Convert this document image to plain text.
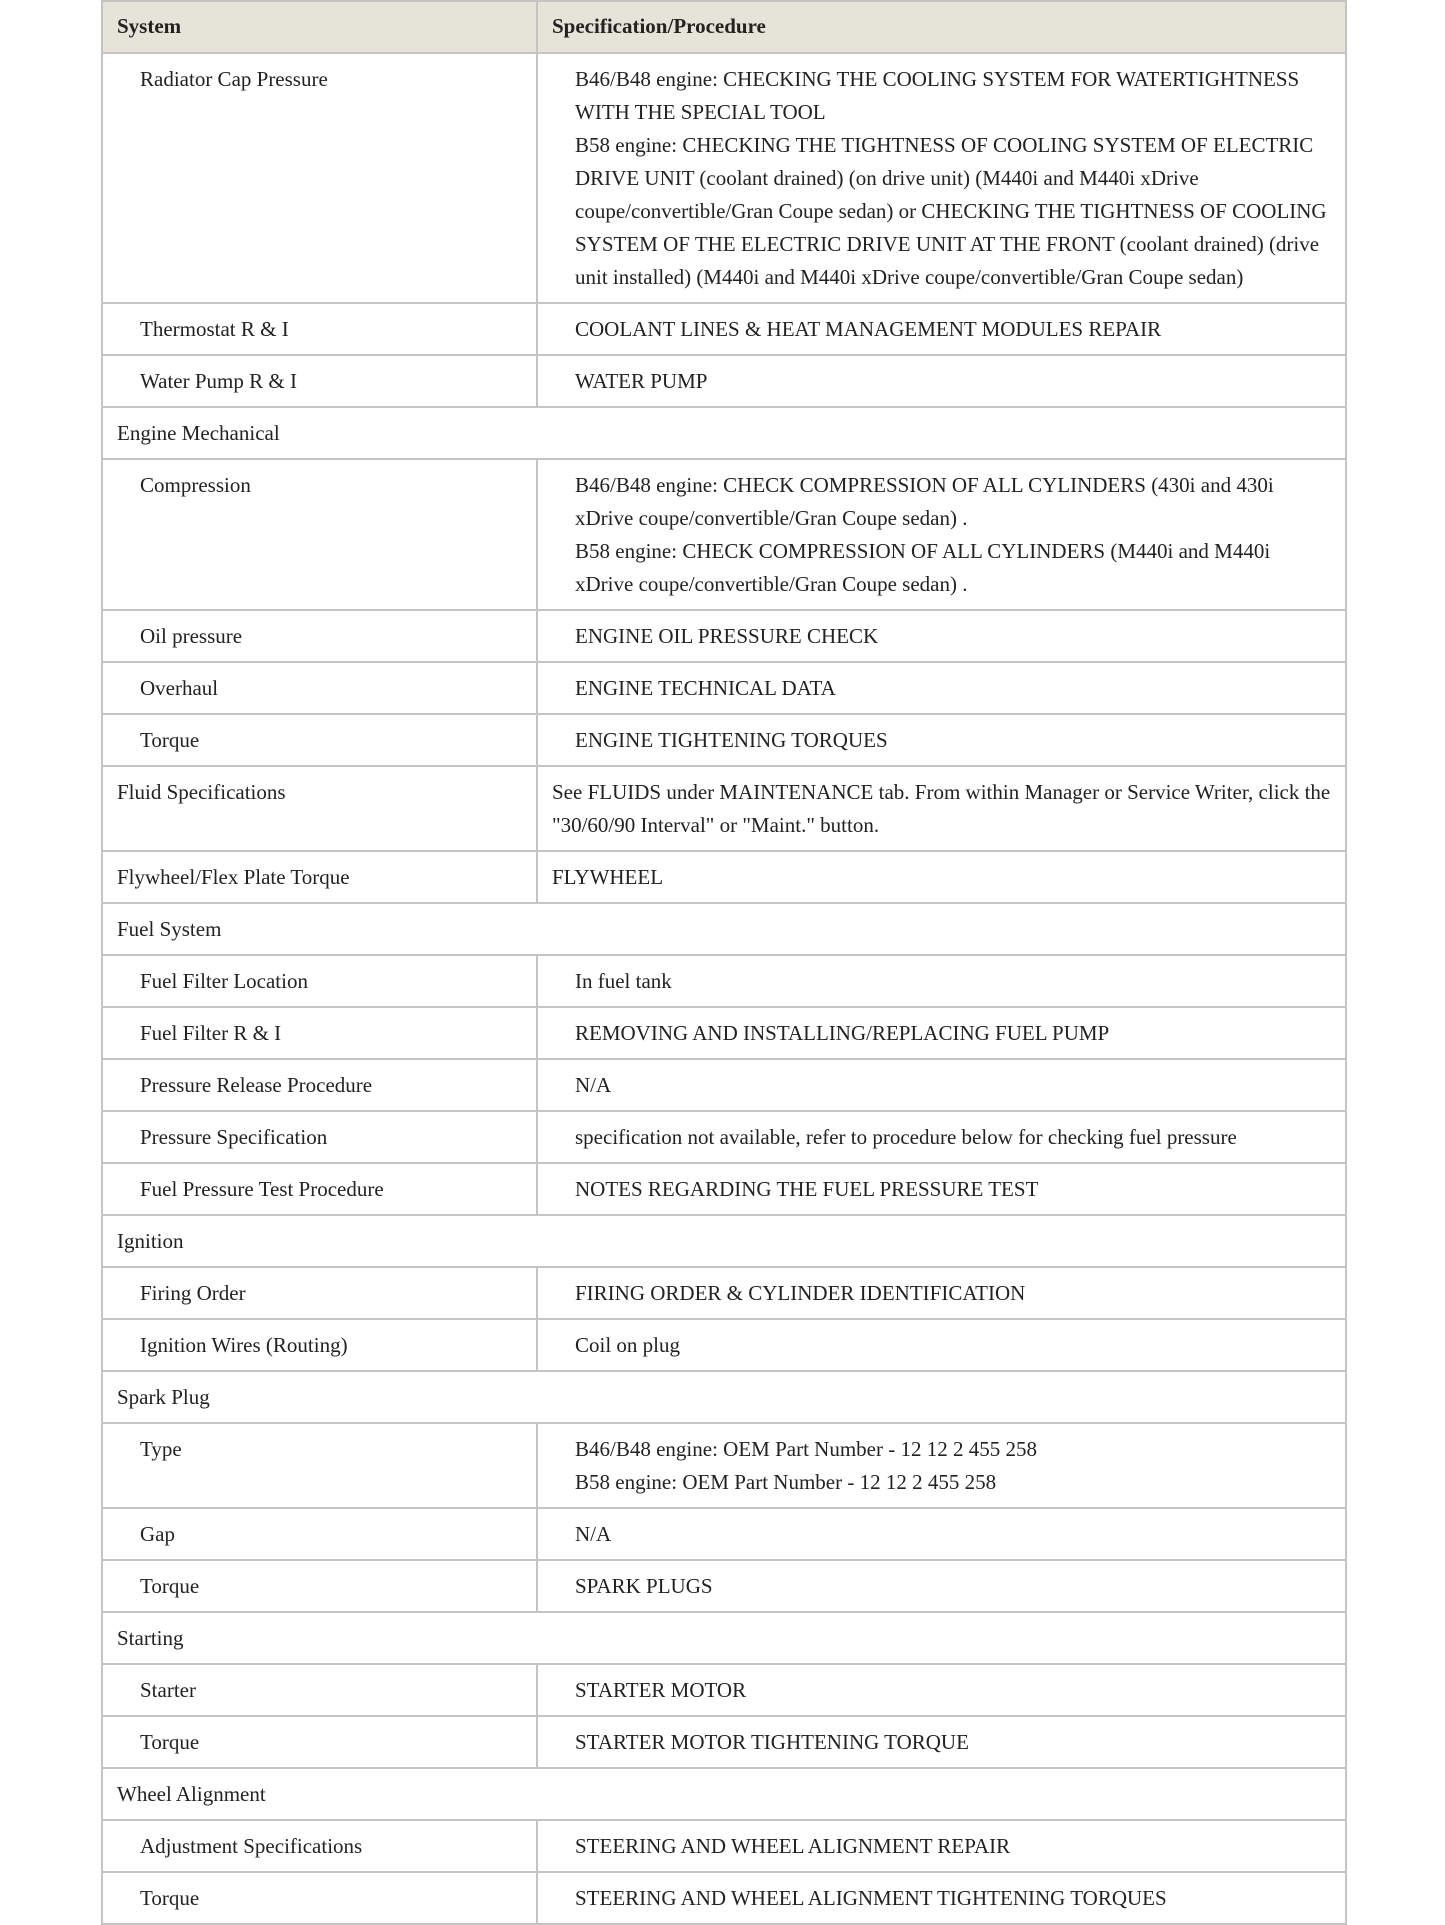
System	Specification/Procedure
Radiator Cap Pressure	B46/B48 engine: CHECKING THE COOLING SYSTEM FOR WATERTIGHTNESS WITH THE SPECIAL TOOL
B58 engine: CHECKING THE TIGHTNESS OF COOLING SYSTEM OF ELECTRIC DRIVE UNIT (coolant drained) (on drive unit) (M440i and M440i xDrive coupe/convertible/Gran Coupe sedan) or CHECKING THE TIGHTNESS OF COOLING SYSTEM OF THE ELECTRIC DRIVE UNIT AT THE FRONT (coolant drained) (drive unit installed) (M440i and M440i xDrive coupe/convertible/Gran Coupe sedan)

Thermostat R & I	COOLANT LINES & HEAT MANAGEMENT MODULES REPAIR

Water Pump R & I	WATER PUMP

Engine Mechanical	
Compression	B46/B48 engine: CHECK COMPRESSION OF ALL CYLINDERS (430i and 430i xDrive coupe/convertible/Gran Coupe sedan) .
B58 engine: CHECK COMPRESSION OF ALL CYLINDERS (M440i and M440i xDrive coupe/convertible/Gran Coupe sedan) .

Oil pressure	ENGINE OIL PRESSURE CHECK

Overhaul	ENGINE TECHNICAL DATA

Torque	ENGINE TIGHTENING TORQUES

Fluid Specifications	See FLUIDS under MAINTENANCE tab. From within Manager or Service Writer, click the "30/60/90 Interval" or "Maint." button.

Flywheel/Flex Plate Torque	FLYWHEEL

Fuel System	
Fuel Filter Location	In fuel tank

Fuel Filter R & I	REMOVING AND INSTALLING/REPLACING FUEL PUMP

Pressure Release Procedure	N/A

Pressure Specification	specification not available, refer to procedure below for checking fuel pressure

Fuel Pressure Test Procedure	NOTES REGARDING THE FUEL PRESSURE TEST

Ignition	
Firing Order	FIRING ORDER & CYLINDER IDENTIFICATION

Ignition Wires (Routing)	Coil on plug

Spark Plug	
Type	B46/B48 engine: OEM Part Number - 12 12 2 455 258
B58 engine: OEM Part Number - 12 12 2 455 258

Gap	N/A

Torque	SPARK PLUGS

Starting	
Starter	STARTER MOTOR

Torque	STARTER MOTOR TIGHTENING TORQUE

Wheel Alignment	
Adjustment Specifications	STEERING AND WHEEL ALIGNMENT REPAIR

Torque	STEERING AND WHEEL ALIGNMENT TIGHTENING TORQUES
